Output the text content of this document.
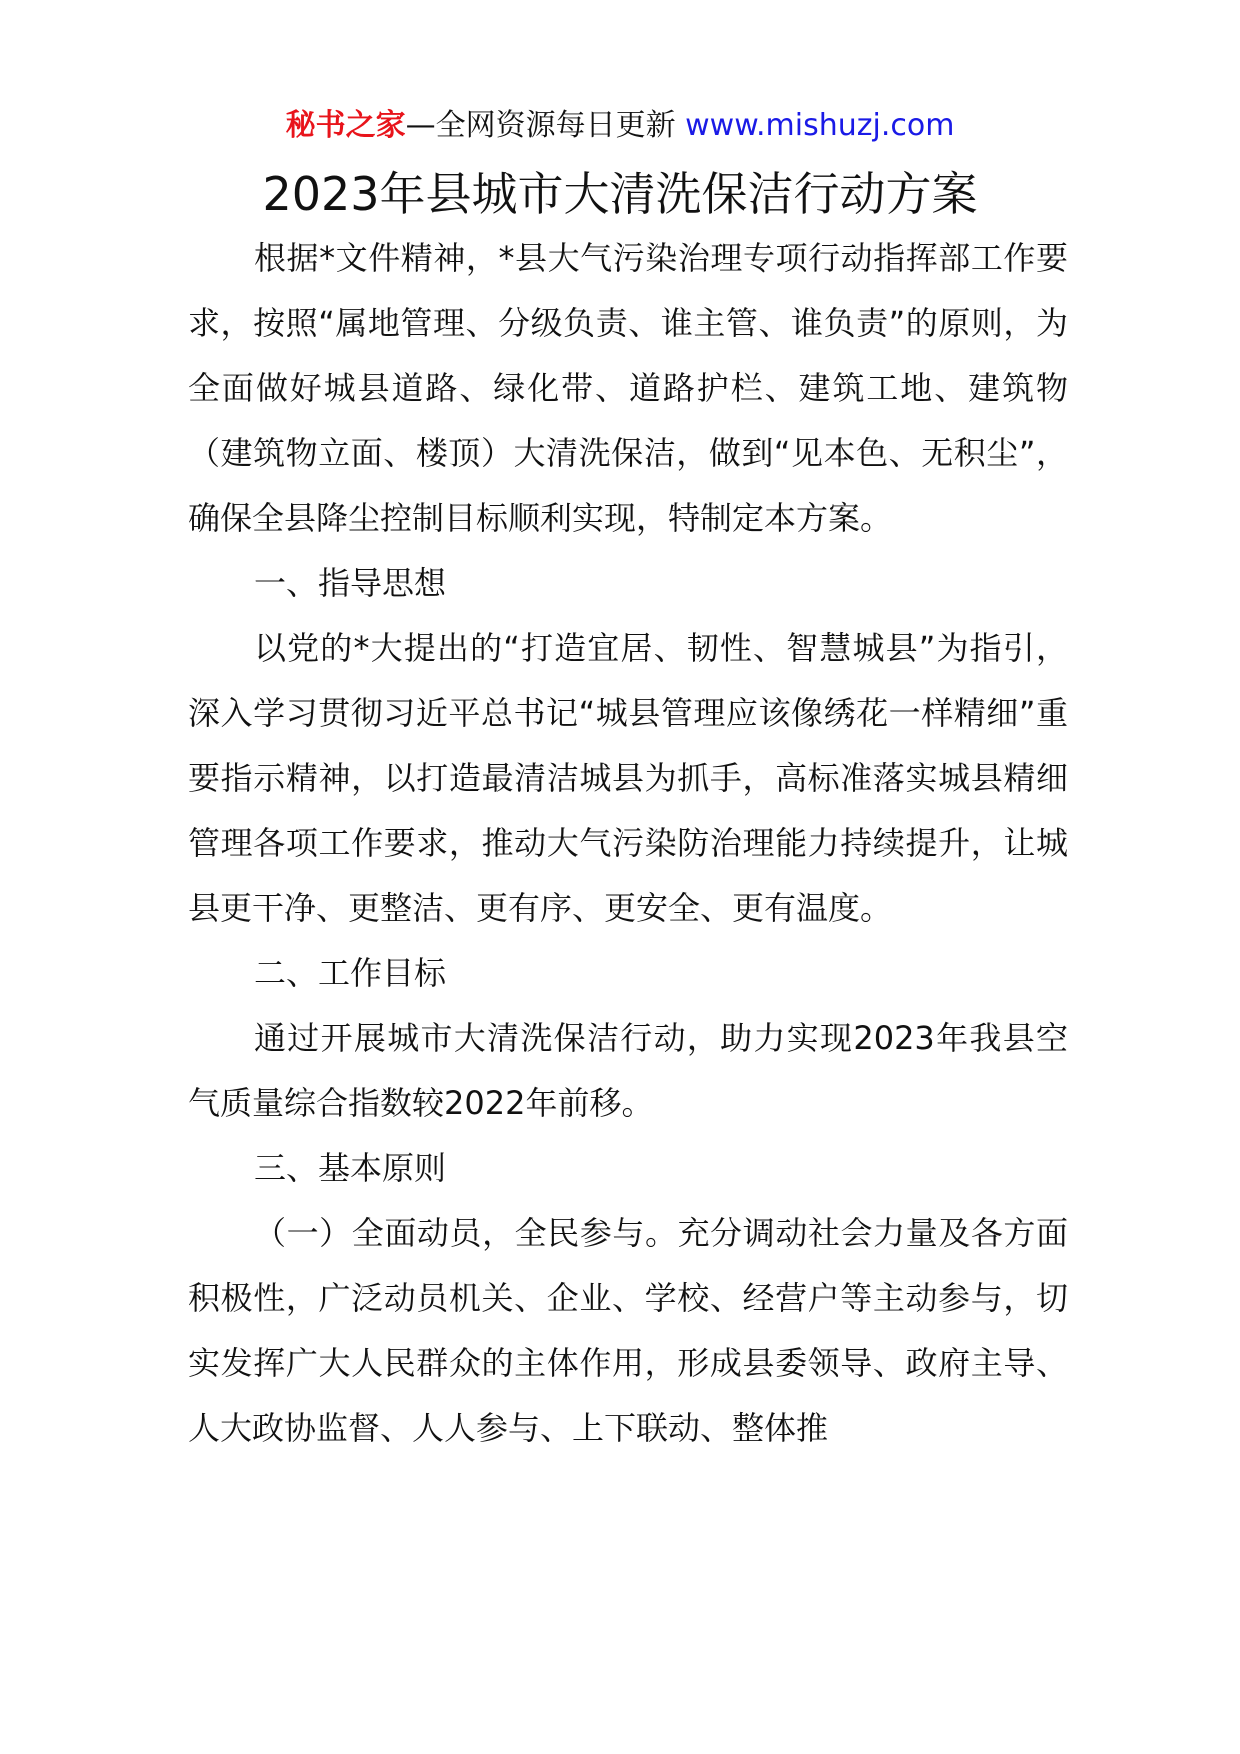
秘书之家—全网资源每日更新 www.mishuzj.com
2023年县城市大清洗保洁行动方案

根据*文件精神，*县大气污染治理专项行动指挥部工作要求，按照“属地管理、分级负责、谁主管、谁负责”的原则，为全面做好城县道路、绿化带、道路护栏、建筑工地、建筑物（建筑物立面、楼顶）大清洗保洁，做到“见本色、无积尘”，确保全县降尘控制目标顺利实现，特制定本方案。

一、指导思想

以党的*大提出的“打造宜居、韧性、智慧城县”为指引，深入学习贯彻习近平总书记“城县管理应该像绣花一样精细”重要指示精神，以打造最清洁城县为抓手，高标准落实城县精细管理各项工作要求，推动大气污染防治理能力持续提升，让城县更干净、更整洁、更有序、更安全、更有温度。

二、工作目标

通过开展城市大清洗保洁行动，助力实现2023年我县空气质量综合指数较2022年前移。

三、基本原则

（一）全面动员，全民参与。充分调动社会力量及各方面积极性，广泛动员机关、企业、学校、经营户等主动参与，切实发挥广大人民群众的主体作用，形成县委领导、政府主导、人大政协监督、人人参与、上下联动、整体推
